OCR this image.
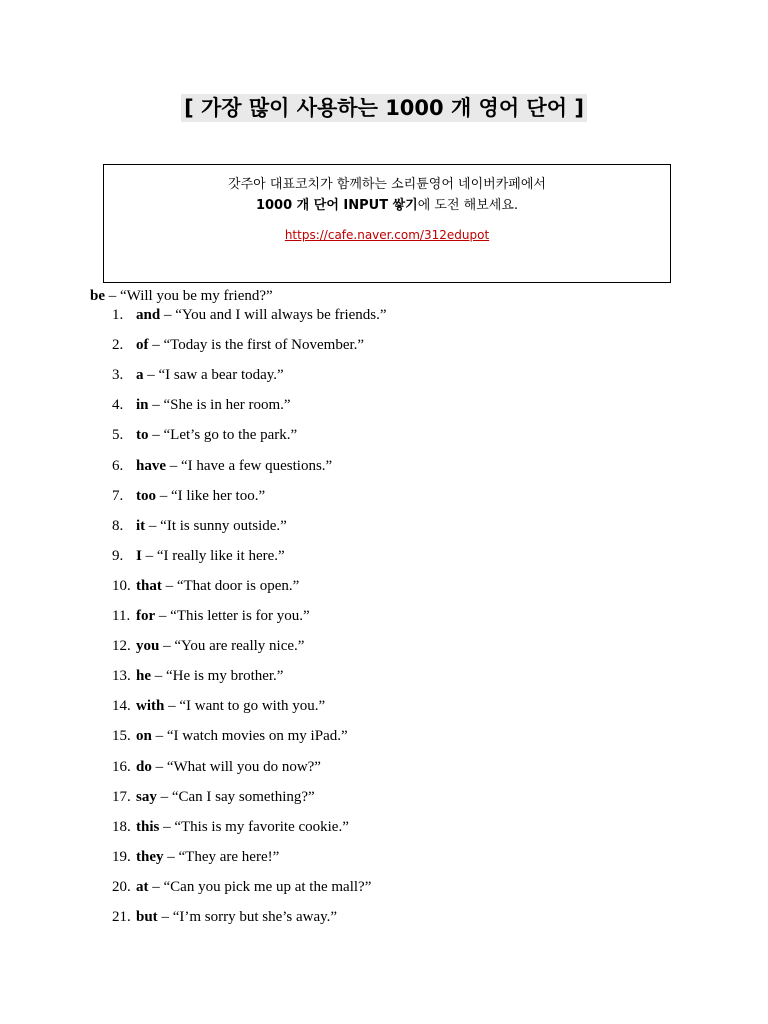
[ 가장 많이 사용하는 1000 개 영어 단어 ]
갓주아 대표코치가 함께하는 소리튠영어 네이버카페에서
1000 개 단어 INPUT 쌓기에 도전 해보세요.
https://cafe.naver.com/312edupot
be – “Will you be my friend?”
1. and – “You and I will always be friends.”
2. of – “Today is the first of November.”
3. a – “I saw a bear today.”
4. in – “She is in her room.”
5. to – “Let’s go to the park.”
6. have – “I have a few questions.”
7. too – “I like her too.”
8. it – “It is sunny outside.”
9. I – “I really like it here.”
10. that – “That door is open.”
11. for – “This letter is for you.”
12. you – “You are really nice.”
13. he – “He is my brother.”
14. with – “I want to go with you.”
15. on – “I watch movies on my iPad.”
16. do – “What will you do now?”
17. say – “Can I say something?”
18. this – “This is my favorite cookie.”
19. they – “They are here!”
20. at – “Can you pick me up at the mall?”
21. but – “I’m sorry but she’s away.”
